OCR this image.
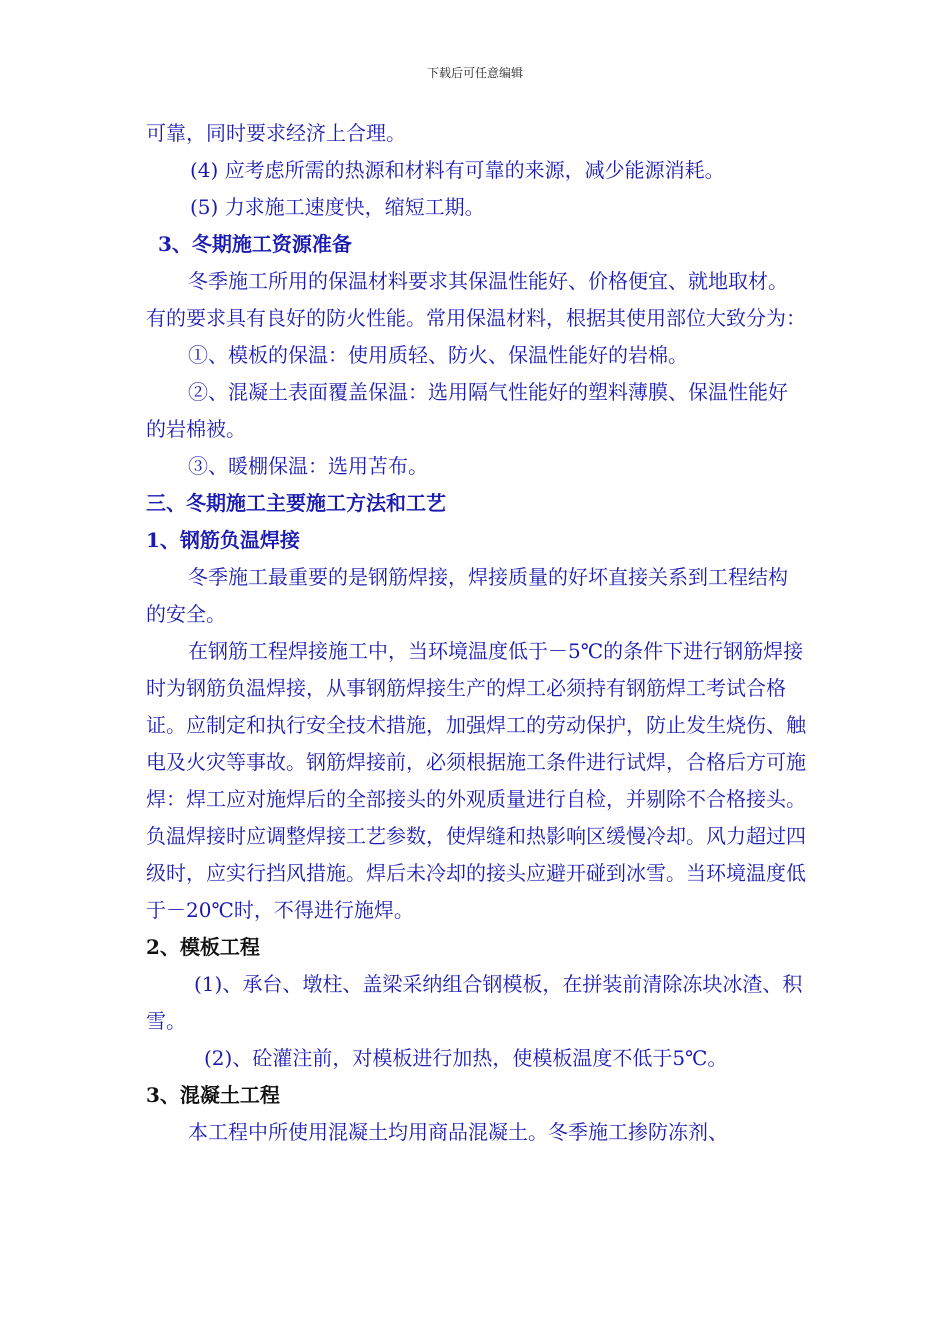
下载后可任意编辑

可靠，同时要求经济上合理。

(4) 应考虑所需的热源和材料有可靠的来源，减少能源消耗。

(5) 力求施工速度快，缩短工期。

3、冬期施工资源准备

冬季施工所用的保温材料要求其保温性能好、价格便宜、就地取材。有的要求具有良好的防火性能。常用保温材料，根据其使用部位大致分为：

①、模板的保温：使用质轻、防火、保温性能好的岩棉。

②、混凝土表面覆盖保温：选用隔气性能好的塑料薄膜、保温性能好的岩棉被。

③、暖棚保温：选用苫布。

三、冬期施工主要施工方法和工艺

1、钢筋负温焊接

冬季施工最重要的是钢筋焊接，焊接质量的好坏直接关系到工程结构的安全。

在钢筋工程焊接施工中，当环境温度低于－5℃的条件下进行钢筋焊接时为钢筋负温焊接，从事钢筋焊接生产的焊工必须持有钢筋焊工考试合格证。应制定和执行安全技术措施，加强焊工的劳动保护，防止发生烧伤、触电及火灾等事故。钢筋焊接前，必须根据施工条件进行试焊，合格后方可施焊：焊工应对施焊后的全部接头的外观质量进行自检，并剔除不合格接头。负温焊接时应调整焊接工艺参数，使焊缝和热影响区缓慢冷却。风力超过四级时，应实行挡风措施。焊后未冷却的接头应避开碰到冰雪。当环境温度低于－20℃时，不得进行施焊。

2、模板工程

(1)、承台、墩柱、盖梁采纳组合钢模板，在拼装前清除冻块冰渣、积雪。

(2)、砼灌注前，对模板进行加热，使模板温度不低于5℃。

3、混凝土工程

本工程中所使用混凝土均用商品混凝土。冬季施工掺防冻剂、
